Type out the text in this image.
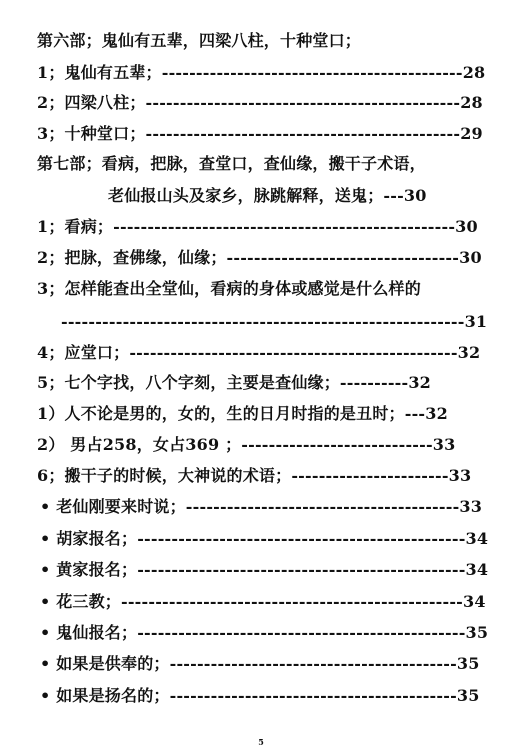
第六部；鬼仙有五辈，四梁八柱，十种堂口；
1；鬼仙有五辈；--------------------------------------------28
2；四梁八柱；----------------------------------------------28
3；十种堂口；----------------------------------------------29
第七部；看病，把脉，查堂口，查仙缘，搬干子术语，
老仙报山头及家乡，脉跳解释，送鬼；---30
1；看病；--------------------------------------------------30
2；把脉，查佛缘，仙缘；----------------------------------30
3；怎样能查出全堂仙，看病的身体或感觉是什么样的
-----------------------------------------------------------31
4；应堂口；------------------------------------------------32
5；七个字找，八个字刻，主要是查仙缘；----------32
1）人不论是男的，女的，生的日月时指的是丑时；---32
2） 男占258，女占369 ；----------------------------33
6；搬干子的时候，大神说的术语；-----------------------33
• 老仙刚要来时说；----------------------------------------33
• 胡家报名；------------------------------------------------34
• 黄家报名；------------------------------------------------34
• 花三教；--------------------------------------------------34
• 鬼仙报名；------------------------------------------------35
• 如果是供奉的；------------------------------------------35
• 如果是扬名的；------------------------------------------35
5
